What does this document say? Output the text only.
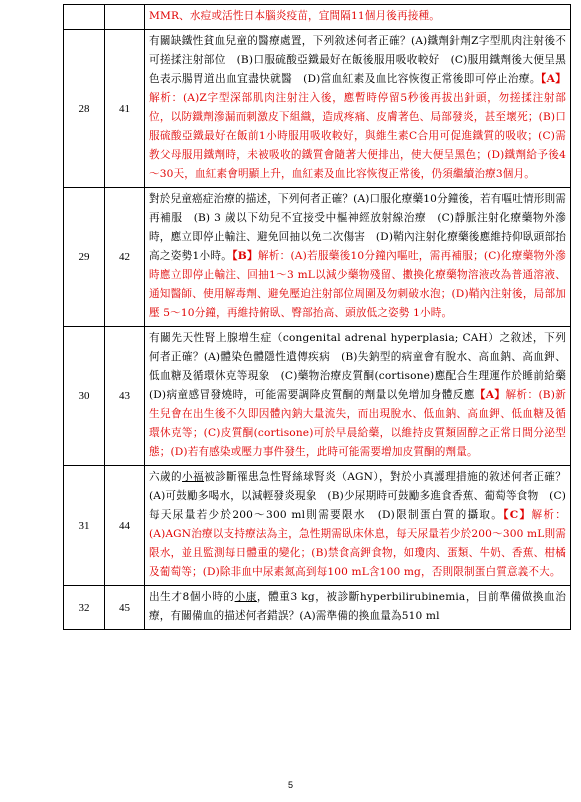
		MMR、水痘或活性日本腦炎疫苗，宜間隔11個月後再接種。
28	41	有關缺鐵性貧血兒童的醫療處置，下列敘述何者正確？(A)鐵劑針劑Z字型肌肉注射後不可搓揉注射部位　(B)口服硫酸亞鐵最好在飯後服用吸收較好　(C)服用鐵劑後大便呈黑色表示腸胃道出血宜盡快就醫　(D)當血紅素及血比容恢復正常後即可停止治療。【A】解析：(A)Z字型深部肌肉注射注入後，應暫時停留5秒後再拔出針頭，勿搓揉注射部位，以防鐵劑滲漏而刺激皮下組織，造成疼痛、皮膚著色、局部發炎，甚至壞死；(B)口服硫酸亞鐵最好在飯前1小時服用吸收較好，與維生素C合用可促進鐵質的吸收；(C)需教父母服用鐵劑時，未被吸收的鐵質會隨著大便排出，使大便呈黑色；(D)鐵劑給予後4～30天，血紅素會明顯上升，血紅素及血比容恢復正常後，仍須繼續治療3個月。
29	42	對於兒童癌症治療的描述，下列何者正確？(A)口服化療藥10分鐘後，若有嘔吐情形則需再補服　(B) 3 歲以下幼兒不宜接受中樞神經放射線治療　(C)靜脈注射化療藥物外滲時，應立即停止輸注、避免回抽以免二次傷害　(D)鞘內注射化療藥後應維持仰臥頭部抬高之姿勢1小時。【B】解析：(A)若服藥後10分鐘內嘔吐，需再補服；(C)化療藥物外滲時應立即停止輸注、回抽1～3 mL以減少藥物殘留、擻換化療藥物溶液改為普通溶液、通知醫師、使用解毒劑、避免壓迫注射部位周圍及勿刺破水泡；(D)鞘內注射後，局部加壓 5～10分鐘，再維持俯臥、臀部抬高、頭放低之姿勢 1小時。
30	43	有關先天性腎上腺增生症（congenital adrenal hyperplasia; CAH）之敘述，下列何者正確？(A)體染色體隱性遺傳疾病　(B)失鈉型的病童會有脫水、高血鈉、高血鉀、低血糖及循環休克等現象　(C)藥物治療皮質酮(cortisone)應配合生理運作於睡前給藥　(D)病童感冒發燒時，可能需要調降皮質酮的劑量以免增加身體反應【A】解析：(B)新生兒會在出生後不久即因體內鈉大量流失，而出現脫水、低血鈉、高血鉀、低血糖及循環休克等；(C)皮質酮(cortisone)可於早晨給藥，以維持皮質類固醇之正常日間分泌型態；(D)若有感染或壓力事件發生，此時可能需要增加皮質酮的劑量。
31	44	六歲的小福被診斷罹患急性腎絲球腎炎（AGN），對於小真護理措施的敘述何者正確？(A)可鼓勵多喝水，以減輕發炎現象　(B)少尿期時可鼓勵多進食香蕉、葡萄等食物　(C)每天尿量若少於200～300 ml則需要限水　(D)限制蛋白質的攝取。【C】解析：(A)AGN治療以支持療法為主，急性期需臥床休息，每天尿量若少於200～300 mL則需限水，並且監測每日體重的變化；(B)禁食高鉀食物，如瓊肉、蛋類、牛奶、香蕉、柑橘及葡萄等；(D)除非血中尿素氮高到每100 mL含100 mg，否則限制蛋白質意義不大。
32	45	出生才8個小時的小康，體重3 kg，被診斷hyperbilirubinemia，目前準備做換血治療，有關備血的描述何者錯誤？(A)需準備的換血量為510 ml
5
